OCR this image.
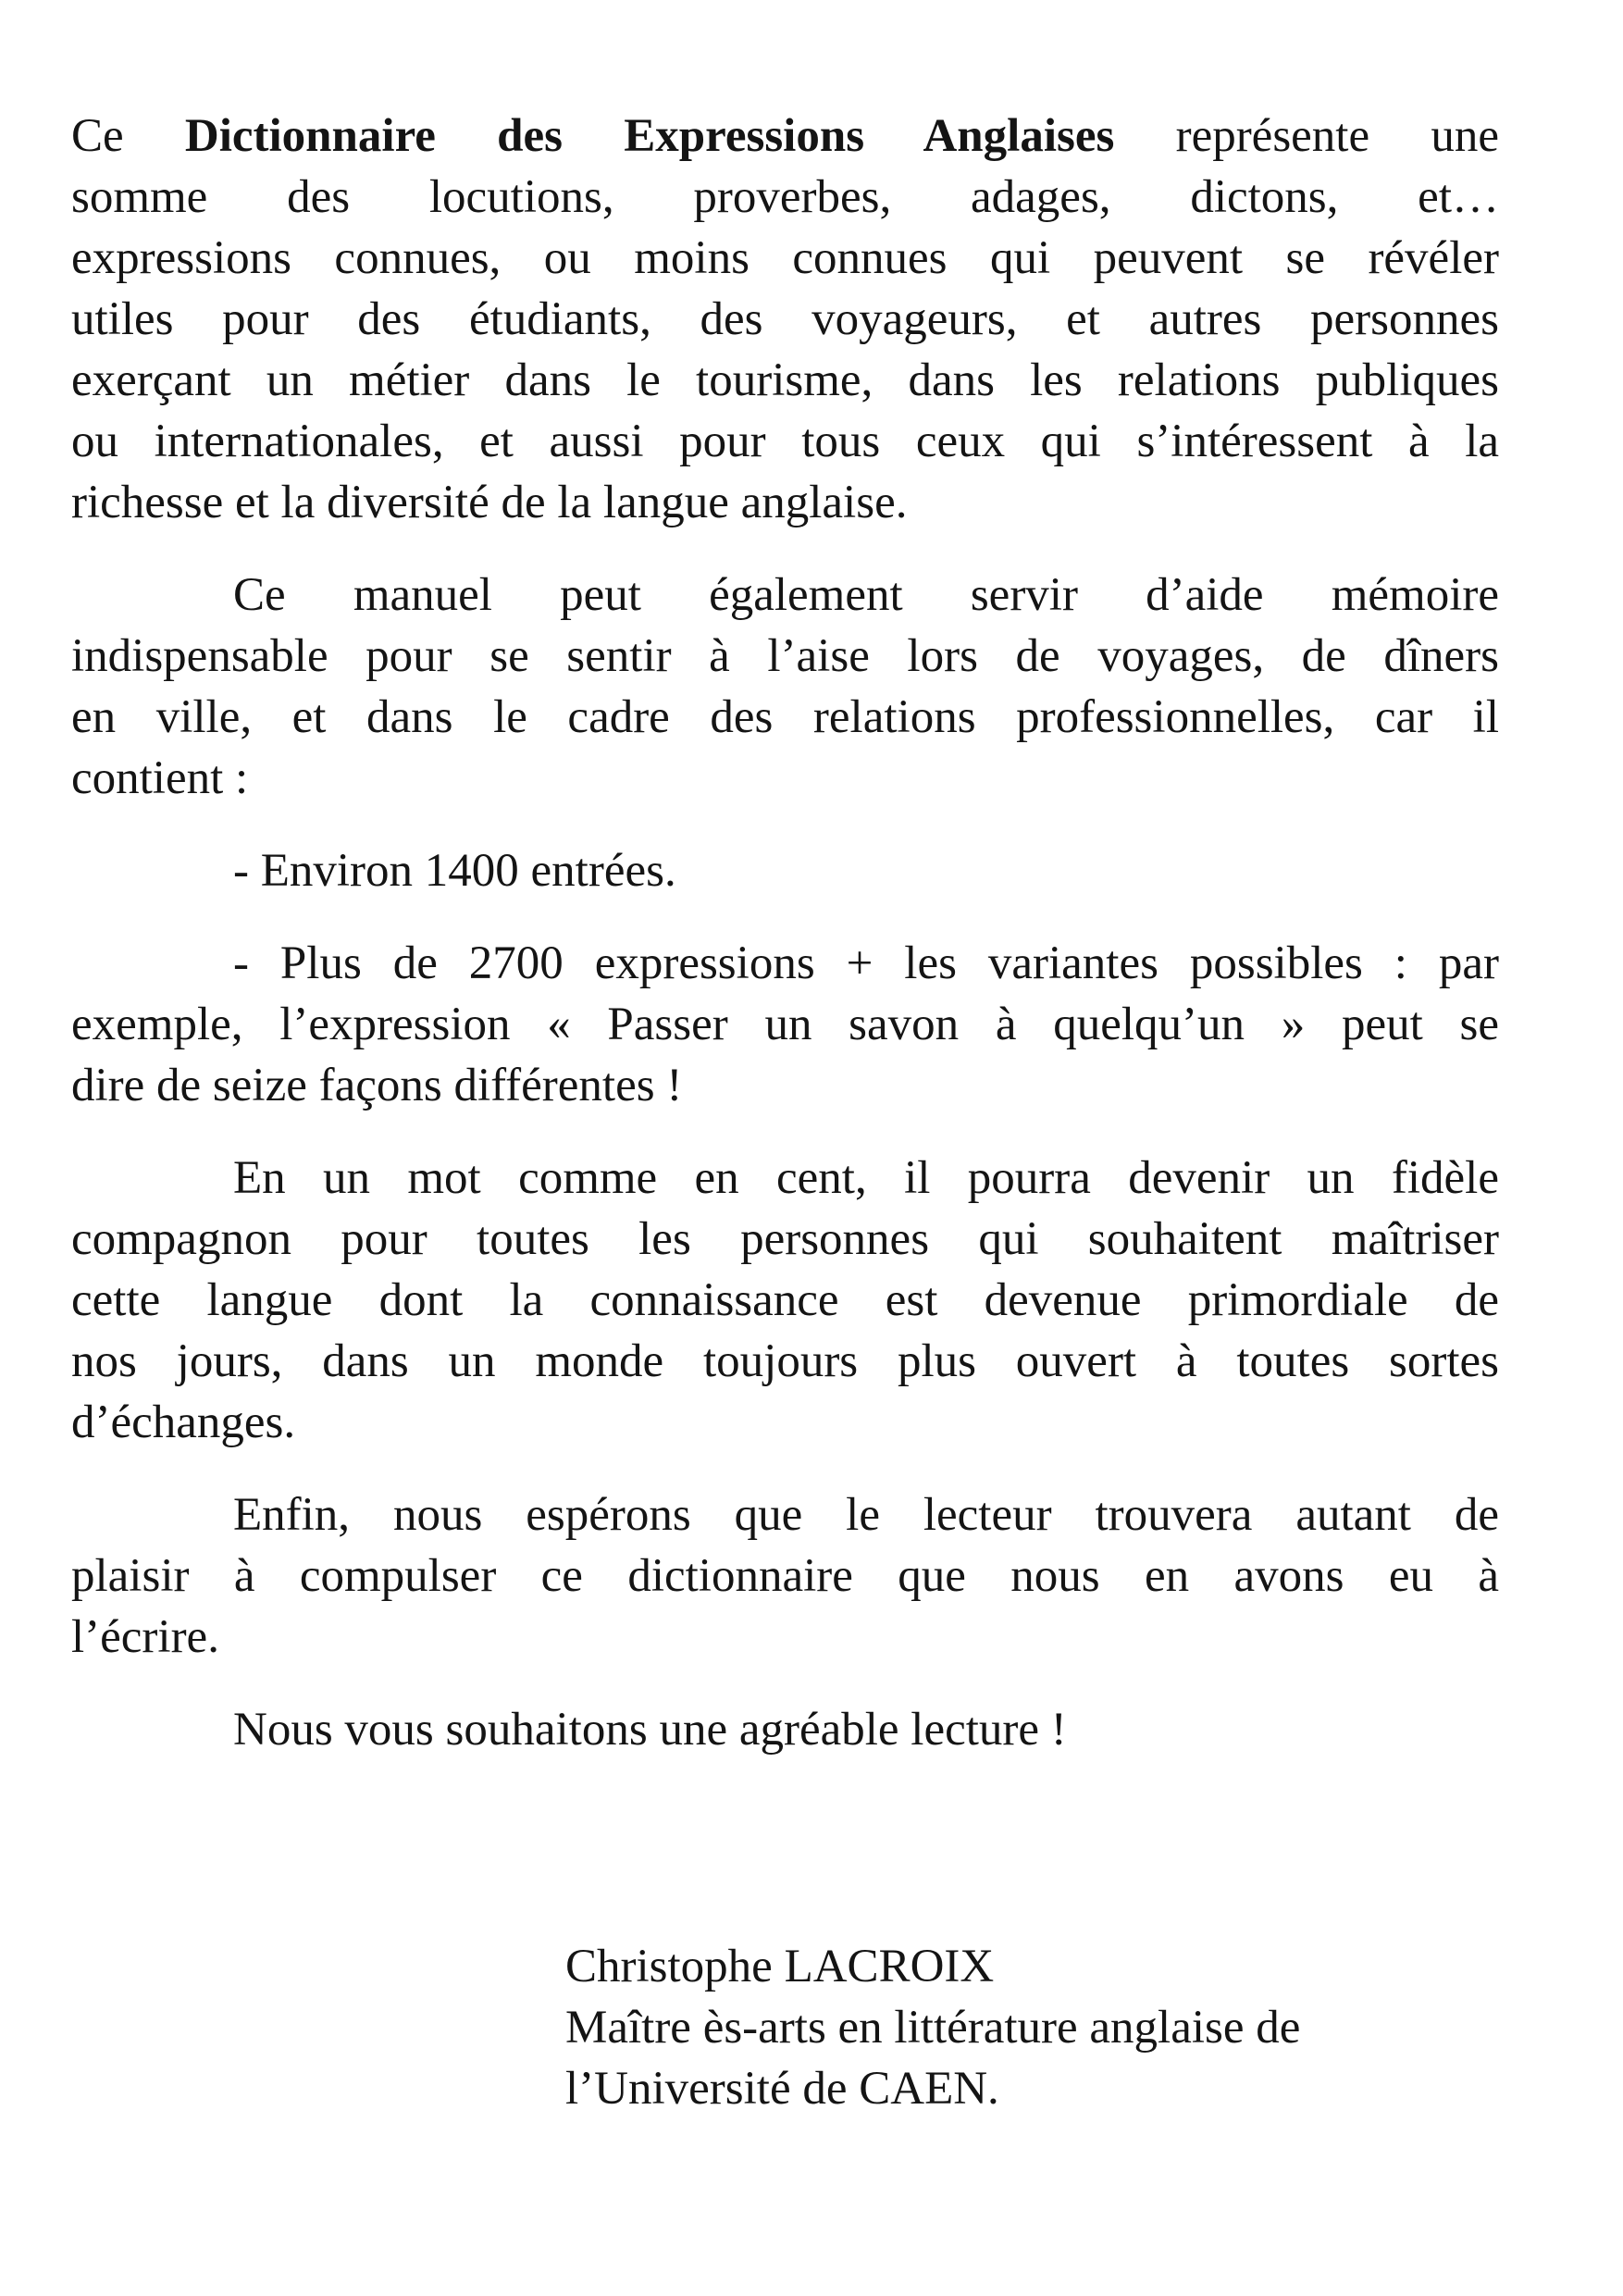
Ce Dictionnaire des Expressions Anglaises représente une
somme des locutions, proverbes, adages, dictons, et…
expressions connues, ou moins connues qui peuvent se révéler
utiles pour des étudiants, des voyageurs, et autres personnes
exerçant un métier dans le tourisme, dans les relations publiques
ou internationales, et aussi pour tous ceux qui s’intéressent à la
richesse et la diversité de la langue anglaise.
Ce manuel peut également servir d’aide mémoire
indispensable pour se sentir à l’aise lors de voyages, de dîners
en ville, et dans le cadre des relations professionnelles, car il
contient :
- Environ 1400 entrées.
- Plus de 2700 expressions + les variantes possibles : par
exemple, l’expression « Passer un savon à quelqu’un » peut se
dire de seize façons différentes !
En un mot comme en cent, il pourra devenir un fidèle
compagnon pour toutes les personnes qui souhaitent maîtriser
cette langue dont la connaissance est devenue primordiale de
nos jours, dans un monde toujours plus ouvert à toutes sortes
d’échanges.
Enfin, nous espérons que le lecteur trouvera autant de
plaisir à compulser ce dictionnaire que nous en avons eu à
l’écrire.
Nous vous souhaitons une agréable lecture !
Christophe LACROIX
Maître ès-arts en littérature anglaise de
l’Université de CAEN.
